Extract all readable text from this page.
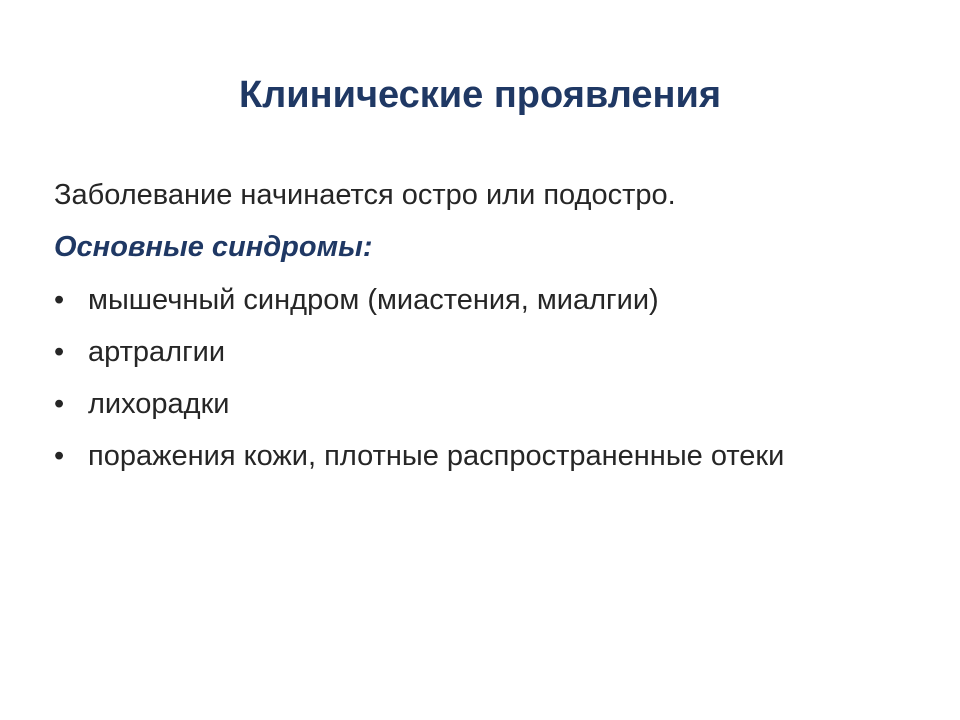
Клинические проявления

Заболевание начинается остро или подостро.

Основные синдромы:

• мышечный синдром (миастения, миалгии)
• артралгии
• лихорадки
• поражения кожи, плотные распространенные отеки
